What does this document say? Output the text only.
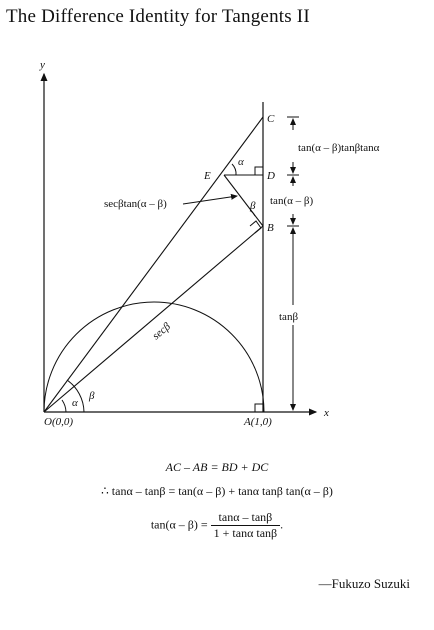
The Difference Identity for Tangents II
y
x
C
D
E
B
O(0,0)	A(1,0)
α
β
α
β
secβ
secβtan(α – β)
tan(α – β)tanβtanα
tan(α – β)
tanβ
AC – AB = BD + DC
∴ tanα – tanβ = tan(α – β) + tanα tanβ tan(α – β)
$\tan(\alpha - \beta) = \frac{\tan\alpha - \tan\beta}{\text{1 + tanα tanβ}}$ .
—Fukuzo Suzuki
